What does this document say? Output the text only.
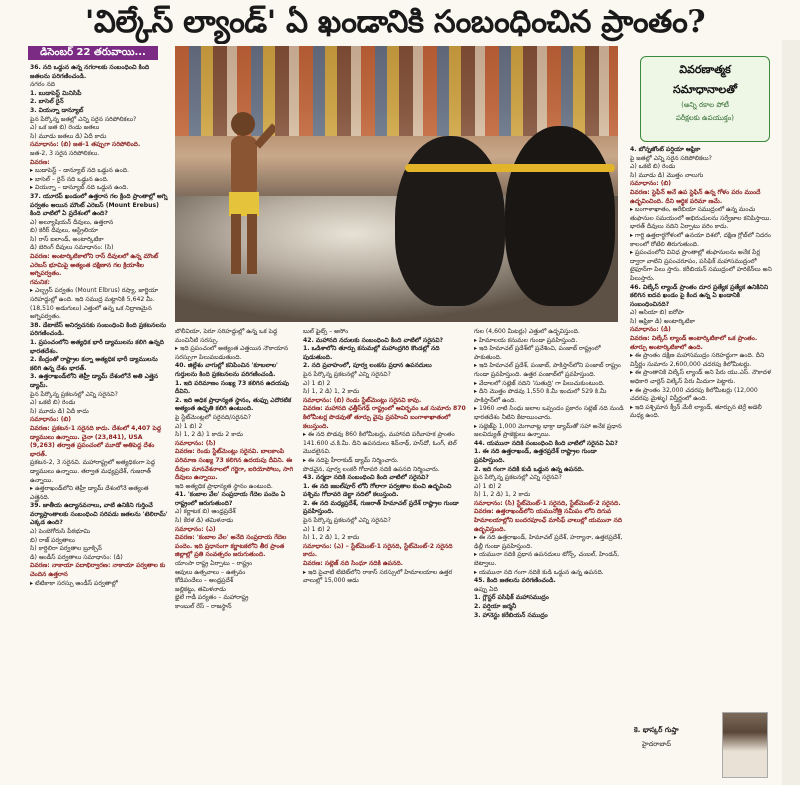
'విల్కేస్ ల్యాండ్' ఏ ఖండానికి సంబంధించిన ప్రాంతం?
డిసెంబర్ 22 తరువాయి...

36. నది ఒడ్డున ఉన్న నగరాలకు సంబంధించి కింది జతలను పరిగణించండి.

నగరం నది

1. బుడాపెస్ట్ మినిసిపీ

2. బాసెల్ రైన్

3. వియన్నా డాన్యూబ్

పైన పేర్కొన్న జతల్లో ఎన్ని సరైన సరిపోలికలు?

ఎ) ఒక జత బి) రెండు జతలు

సి) మూడు జతలు డి) ఏదీ కాదు

సమాధానం: (బి) జత-1 తప్పుగా సరిపోలింది.

జత-2, 3 సరైన సరిపోలికలు.

వివరణ:

▸ బుడాపెస్ట్ – డాన్యూబ్ నది ఒడ్డున ఉంది.

▸ బాసెల్ – రైన్ నది ఒడ్డున ఉంది.

▸ వియన్నా – డాన్యూబ్ నది ఒడ్డున ఉంది.

37. యూరప్ ఖండంలో ఉత్తరాన గల క్రింది ప్రాంతాల్లో అగ్ని పర్వతం అయిన మౌంట్ ఎరెబస్ (Mount Erebus) కింది వాటిలో ఏ ప్రదేశంలో ఉంది?

ఎ) అల్యూషియన్ దీవులు, ఉత్తరాన

బి) కెరీర్ దీవులు, ఆస్ట్రేలియా

సి) రాస్ ఐలాండ్, అంటార్కిటికా

డి) బెరింగ్ దీవులు సమాధానం: (సి)

వివరణ: అంటార్కిటికాలోని రాస్ దీవులలో ఉన్న మౌంట్ ఎరెబస్ భూమిపై అత్యంత దక్షిణాన గల క్రియాశీల అగ్నిపర్వతం.

గమనిక:

▸ ఎల్బ్రస్ పర్వతం (Mount Elbrus) రష్యా, జార్జియా సరిహద్దుల్లో ఉంది. ఇది సముద్ర మట్టానికి 5,642 మీ. (18,510 అడుగులు) ఎత్తులో ఉన్న ఒక నిద్రాణమైన అగ్నిపర్వతం.

38. డేటాబేస్ అనిర్వచనకు సంబంధించి కింది ప్రకటనలను పరిగణించండి.

1. ప్రపంచంలోని అత్యధిక భారీ డ్యాములను కలిగి ఉన్నది భారతదేశం.

2. కేంద్రంతో రాష్ట్రాల కన్నా అత్యధిక భారీ డ్యాములను కలిగి ఉన్న దేశం భారత్.

3. ఉత్తరాఖండ్‌లోని తెహ్రీ డ్యామ్ దేశంలోనే అతి ఎత్తైన డ్యామ్.

పైన పేర్కొన్న ప్రకటనల్లో ఎన్ని సరైనవి?

ఎ) ఒకటి బి) రెండు

సి) మూడు డి) ఏదీ కాదు

సమాధానం: (బి)

వివరణ: ప్రకటన-1 సరైనది కాదు. దేశంలో 4,407 పెద్ద డ్యాములు ఉన్నాయి. చైనా (23,841), USA (9,263) తర్వాత ప్రపంచంలో మూడో అతిపెద్ద దేశం భారత్.

ప్రకటన-2, 3 సరైనవి. మహారాష్ట్రలో అత్యధికంగా పెద్ద డ్యాములు ఉన్నాయి. తర్వాత మధ్యప్రదేశ్, గుజరాత్ ఉన్నాయి.

▸ ఉత్తరాఖండ్‌లోని తెహ్రీ డ్యామ్ దేశంలోనే అత్యంత ఎత్తైనది.

39. జాతీయ ఉద్యానవనాలు, వాటి ఉనికిని గుర్తించే వర్యాప్రాంతాలకు సంబంధించి సరిపడు జతలను 'టెలిరామ్' ఎక్కడ ఉంది?

ఎ) పెంబెగోరుసి పీఠభూమి

బి) రాజ్ పర్వతాలు

సి) కార్డిలిరా పర్వతాల బ్రూక్సిన్

డి) ఆండీస్ పర్వతాలు సమాధానం: (డి)

వివరణ: నాకాయా పదాభిర్వారణ: నాకాయా పర్వతాల కు చెందిన ఉత్తరాన

▸ టిటికాకా సరస్సు ఆండీస్ పర్వతాల్లో

వివరణాత్మక
సమాధానాలతో
(అన్ని రకాల పోటీ
పరీక్షలకు ఉపయుక్తం)

బొలీవియా, పెరూ సరిహద్దుల్లో ఉన్న ఒక పెద్ద మంచినీటి సరస్సు.

▸ ఇది ప్రపంచంలో అత్యంత ఎత్తయిన నౌకాయాన సరస్సుగా పిలువబడుతుంది.

40. జిల్లేశం వాగుల్లో కనిపించిన 'కూబలాల' గుర్తులను కింది ప్రకటనలను పరిగణించండి.

1. ఇది పరిమాణం సంఖ్య 73 కలిగిన ఉదయపు దీవిని.

2. ఇది అధిక ప్రాధాన్యత స్థానం, తుఫ్పు ఎదొరటిక అత్యంత ఉధృతి కలిగి ఉంటుంది.

పై స్టేట్‌మెంట్లలో సరైనది/సరైనవి?

ఎ) 1 బి) 2

సి) 1, 2 డి) 1 కాదు 2 కాదు

సమాధానం: (సి)

వివరణ: రెండు స్టేట్‌మెంట్లు సరైనవి. బాలకాంపి పరిమాణ సంఖ్య 73 కలిగిన ఉదయపు దీవిని. ఈ దీవుల మానవేశనాలలో గర్జిగా, ఐరియోపోలు, సాగి దీవులు ఉన్నాయి.

ఇది అత్యధిక ప్రాధాన్యత స్థానం ఉంటుంది.

41. 'కంబాల వేల' సంప్రదాయ గేదెల పందెం ఏ రాష్ట్రంలో జరుగుతుంది?

ఎ) కర్ణాటక బి) ఆంధ్రప్రదేశ్

సి) కేరళ డి) తమిళనాడు

సమాధానం: (ఎ)

వివరణ: 'కంబాల వేల' అనేది సంప్రదాయ గేదెల పందెం. ఇది ప్రధానంగా కర్ణాటకలోని తీర ప్రాంత జిల్లాల్లో ప్రతి సంవత్సరం జరుగుతుంది.

యాంసా రాష్ట్ర ఏర్పాటు – రాష్ట్రం

ఆవులు ఉత్సవాలు – ఉత్సవం

కోడిపందేలు – ఆంధ్రప్రదేశ్

జల్లికట్టు, తమిళనాడు

భైలే గాడీ పర్యతం – మహారాష్ట్ర

కాంబుల్ రేస్ – రాజస్థాన్

బుల్ ఫైట్స్ – అసోం

42. మహానది నదులకు సంబంధించి కింది వాటిలో సరైనవి?

1. ఒడిశాలోని తూర్పు కనుమల్లో మహాంద్రగిరి కొండల్లో నది పుడుతుంది.

2. నది ప్రవాహంలో, పూర్వ లంకను ప్రధాన ఉపనదులు

పైన పేర్కొన్న ప్రకటనల్లో ఎన్ని సరైనవి?

ఎ) 1 బి) 2

సి) 1, 2 డి) 1, 2 కాదు

సమాధానం: (బి) రెండు స్టేట్‌మెంట్లు సరైనవి కావు.

వివరణ: మహానది ఛత్తీస్‌గఢ్ రాష్ట్రంలో ఆవిర్భవం ఒక సుమారు 870 కిలోమీటర్ల పొడవుతో తూర్పు వైపు ప్రవహించి బంగాళాఖాతంలో కలుస్తుంది.

▸ ఈ నది పొడవు 860 కిలోమీటర్లు, మహానది పరీవాహక ప్రాంతం 141.600 చ.కి.మీ. దీని ఉపనదులు శివ్‌నాథ్, హస్‌దో, ఓంగ్, టెల్ మొదలైనవి.

▸ ఈ నదిపై హీరాకుడ్ డ్యామ్ నిర్మించారు.

పొడవైన, పూర్వ లంకరీ గోదావరి నదికి ఉపనది నిర్మించారు.

43. నర్మదా నదికి సంబంధించి కింది వాటిలో సరైనవి?

1. ఈ నది జబల్‌పూర్ లోనీ గోలాగా పర్వతాల కుంచి ఉద్భవించి పశ్చిమ గోదావరి డెల్టా నదిలో కలుస్తుంది.

2. ఈ నది మధ్యప్రదేశ్, గుజరాత్ హిమాచల్ ప్రదేశ్ రాష్ట్రాల గుండా ప్రవహిస్తుంది.

పైన పేర్కొన్న ప్రకటనల్లో ఎన్ని సరైనవి?

ఎ) 1 బి) 2

సి) 1, 2 డి) 1, 2 కాదు

సమాధానం: (ఎ) – స్టేట్‌మెంట్-1 సరైనది, స్టేట్‌మెంట్-2 సరైనది కాదు.

వివరణ: సట్లెజ్ నది సింధూ నదికి ఉపనది.

▸ ఇది పైచాటి టిబెట్‌లోని రాకాస్ సరస్సులో హిమాలయాల ఉత్తర వాలుల్లో 15,000 అడు

గుల (4,600 మీటర్లు) ఎత్తులో ఉద్భవిస్తుంది.

▸ హిమాలయ కనుమల గుండా ప్రవహిస్తుంది.

▸ ఇది హిమాచల్ ప్రదేశ్‌లో ప్రవేశించి, పంజాబ్ రాష్ట్రంలో పాకుతుంది.

▸ ఇది హిమాచల్ ప్రదేశ్, పంజాబ్, పాకిస్తాన్‌లోని పంజాబ్ రాష్ట్రం గుండా ప్రవహిస్తుంది. ఉత్తర పంజాబ్‌లో ప్రవహిస్తుంది.

▸ వేదాలలో సట్లెజ్ నదిని 'సుతుద్రి' గా పిలుచుకుంటుంది.

▸ దీని మొత్తం పొడవు 1,550 కి.మీ ఇందులో 529 కి.మీ పాకిస్తాన్‌లో ఉంది.

▸ 1960 నాటి సింధు జలాల ఒప్పందం ప్రకారం సట్లెజ్ నది నుండి భారతదేశం నీటిని కేటాయించారు.

▸ సట్లెజ్‌పై 1,000 మెగావాట్ల భాక్రా డ్యామ్‌తో సహా అనేక ప్రధాన జలవిద్యుత్ ప్రాజెక్టులు ఉన్నాయి.

44. యమునా నదికి సంబంధించి కింది వాటిలో సరైనవి ఏవి?

1. ఈ నది ఉత్తరాఖండ్, ఉత్తరప్రదేశ్ రాష్ట్రాల గుండా ప్రవహిస్తుంది.

2. ఇది గంగా నదికి కుడి ఒడ్డున ఉన్న ఉపనది.

పైన పేర్కొన్న ప్రకటనల్లో ఎన్ని సరైనవి?

ఎ) 1 బి) 2

సి) 1, 2 డి) 1, 2 కాదు

సమాధానం: (సి) స్టేట్‌మెంట్-1 సరైనది, స్టేట్‌మెంట్-2 సరైనది.

వివరణ: ఉత్తరాఖండ్‌లోని యమునోత్రి సమీపం లోని దిగువ హిమాలయాల్లోని బందరపూంఛ్ మాసిఫ్ వాలుల్లో యమునా నది ఉద్భవిస్తుంది.

▸ ఈ నది ఉత్తరాఖండ్, హిమాచల్ ప్రదేశ్, హర్యానా, ఉత్తరప్రదేశ్, ఢిల్లీ గుండా ప్రవహిస్తుంది.

▸ యమునా నదికి ప్రధాన ఉపనదులు టోన్స్, చంబల్, హిండన్, బెట్వాలు.

▸ యమునా నది గంగా నదికి కుడి ఒడ్డున ఉన్న ఉపనది.

45. కింది జతలను పరిగణించండి.

ఉప్పు ఏది

1. గ్లౌస్టర్ పసిఫిక్ మహాసముద్రం

2. పర్షియా జర్మనీ

3. హానెస్టు కరేబియన్ సముద్రం

4. బోన్నజోంట్ పర్షియా ఆఫ్రికా

పై జతల్లో ఎన్ని సరైన సరిపోలికలు?

ఎ) ఒకటి బి) రెండు

సి) మూడు డి) మొత్తం నాలుగు

సమాధానం: (బి)

వివరణ: స్టెఫీన్ అనే ఉప స్టెఫిన్ ఉన్న గోళం పరం ముందే ఉద్భవించింది. దీని ఆర్థిక పరిమా ణమే.

▸ బంగాళాఖాతం, ఆరేబియా సముద్రంలో ఉన్న మంచు తుఫానుల సమయంలో అభిరుచులను సర్వేజాల కనిపిస్తాయి. భారత్ దీవులు నదిని ఏర్పాటు వరిం కాదు.

▸ గార్డి ఉత్తరార్థగోళంలో ఉనయా దిశలో, దక్షిణ గ్లోబ్‌లో నిదరం కాలంలో రోటేలి తిరుగుతుంది.

▸ ప్రపంచంలోని వివిధ ప్రాంతాల్లో తుఫానులను అనేక పేర్ల ద్వారా వాటిని ప్రపంచరూపం, పసిఫిక్ మహాసముద్రంలో టైఫూన్‌గా పిలు స్తారు. కరీబియన్ సముద్రంలో హరికేన్‌లు అని పిలుస్తారు.

46. విల్కేస్ ల్యాండ్ ప్రాంతం దూర ప్రత్యేక ప్రత్యేక ఉనికినిని కలిగిన ఐదవ ఖండం పై కింద ఉన్న ఏ ఖండానికి సంబంధించినది?

ఎ) ఆసియా బి) ఐరోపా

సి) ఆఫ్రికా డి) అంటార్కిటికా

సమాధానం: (డి)

వివరణ: విల్కేస్ ల్యాండ్ అంటార్కిటికాలో ఒక ప్రాంతం. తూర్పు అంటార్కిటికాలో ఉంది.

▸ ఈ ప్రాంతం దక్షిణ మహాసముద్రం సరిహద్దుగా ఉంది. దీని విస్తీర్ణం సుమారు 2,600,000 చదరపు కిలోమీటర్లు.

▸ ఈ ప్రాంతానికి విల్కేస్ ల్యాండ్ అని పేరు యు.ఎస్. నౌకాదళ అధికారి చార్లెస్ విల్కేస్ పేరు మీదుగా పెట్టారు.

▸ ఈ ప్రాంతం 32,000 చదరపు కిలోమీటర్లు (12,000 చదరపు మైళ్ళు) విస్తీర్ణంలో ఉంది.

▸ ఇది పశ్చిమాన క్వీన్ మేరీ ల్యాండ్, తూర్పున టెర్రే అడెలీ మధ్య ఉంది.

కె. భాస్కర్ గుప్తా
హైదరాబాద్
